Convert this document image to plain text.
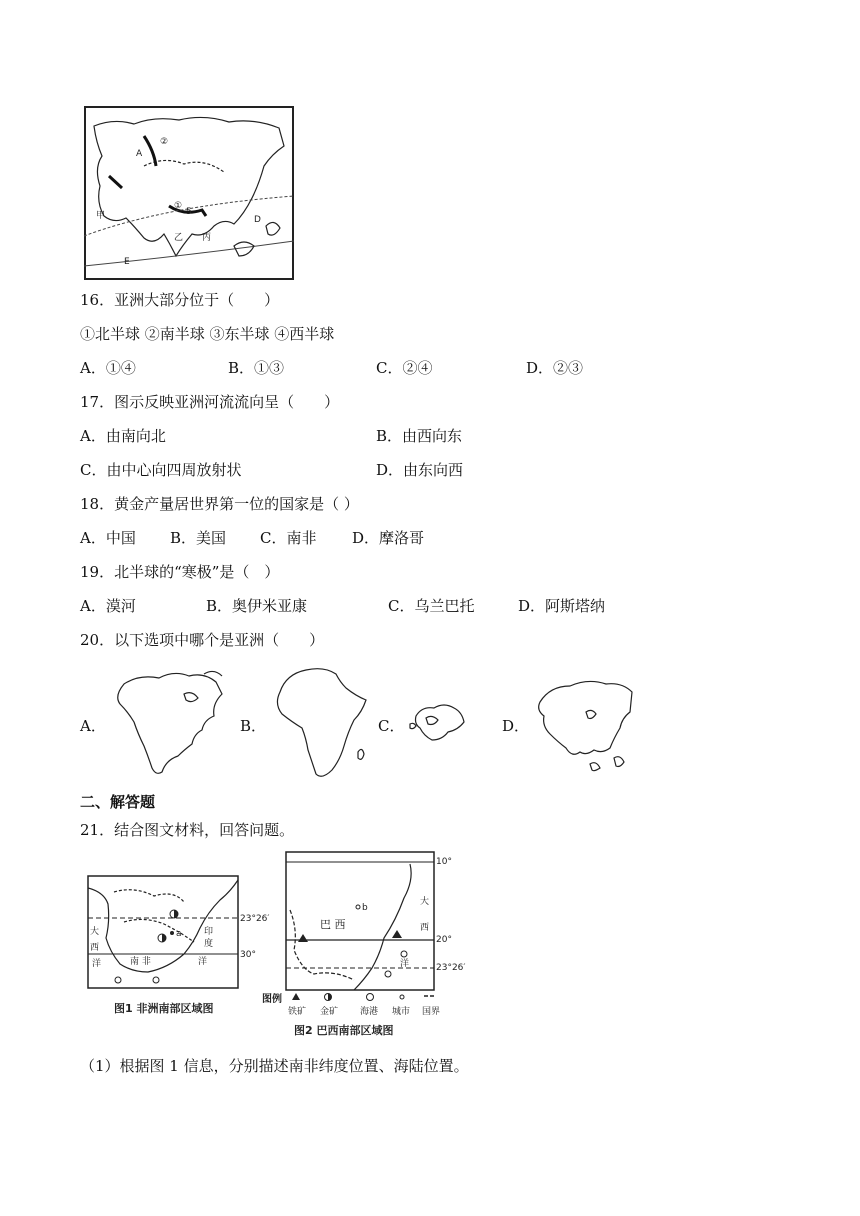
A
②
①
甲
乙 丙
D
E
5
16．亚洲大部分位于（　　）
①北半球 ②南半球 ③东半球 ④西半球
A．①④	B．①③	C．②④	D．②③
17．图示反映亚洲河流流向呈（　　）
A．由南向北	B．由西向东
C．由中心向四周放射状	D．由东向西
18．黄金产量居世界第一位的国家是（ ）
A．中国 B．美国 C．南非 D．摩洛哥
19．北半球的“寒极”是（　）
A．漠河	B．奥伊米亚康	C．乌兰巴托	D．阿斯塔纳
20．以下选项中哪个是亚洲（　　）
A．	B．	C．	D．
二、解答题
21．结合图文材料，回答问题。
23°26′
30°
大
西
洋
印
度
洋
南 非
a
图1 非洲南部区域图
10°
20°
23°26′
巴 西
b
大
西
洋
图例
铁矿 金矿 海港 城市 国界
图2 巴西南部区域图
（1）根据图 1 信息，分别描述南非纬度位置、海陆位置。
